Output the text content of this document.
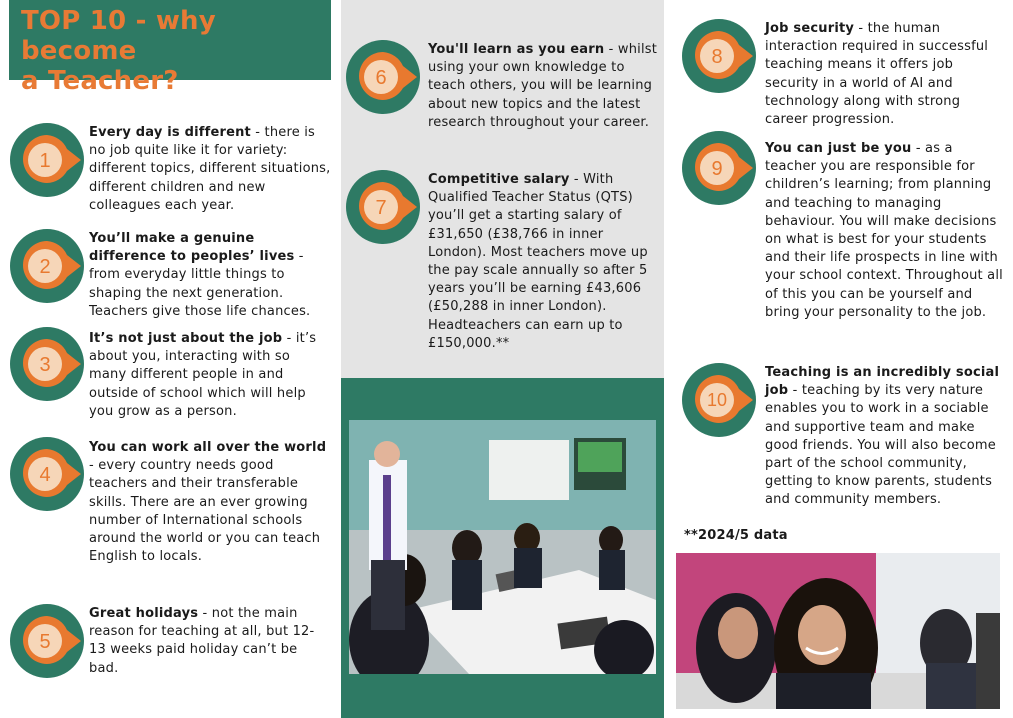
TOP 10 - why become
a Teacher?
1
2
3
4
5
6
7
8
9
10
Every day is different - there is no job quite like it for variety: different topics, different situations, different children and new colleagues each year.
You’ll make a genuine difference to peoples’ lives - from everyday little things to shaping the next generation. Teachers give those life chances.
It’s not just about the job - it’s about you, interacting with so many different people in and outside of school which will help you grow as a person.
You can work all over the world - every country needs good teachers and their transferable skills. There are an ever growing number of International schools around the world or you can teach English to locals.
Great holidays - not the main reason for teaching at all, but 12-13 weeks paid holiday can’t be bad.
You'll learn as you earn - whilst using your own knowledge to teach others, you will be learning about new topics and the latest research throughout your career.
Competitive salary - With Qualified Teacher Status (QTS) you’ll get a starting salary of £31,650 (£38,766 in inner London). Most teachers move up the pay scale annually so after 5 years you’ll be earning £43,606 (£50,288 in inner London). Headteachers can earn up to £150,000.**
Job security - the human interaction required in successful teaching means it offers job security in a world of AI and technology along with strong career progression.
You can just be you - as a teacher you are responsible for children’s learning; from planning and teaching to managing behaviour. You will make decisions on what is best for your students and their life prospects in line with your school context. Throughout all of this you can be yourself and bring your personality to the job.
Teaching is an incredibly social job - teaching by its very nature enables you to work in a sociable and supportive team and make good friends. You will also become part of the school community, getting to know parents, students and community members.
**2024/5 data
